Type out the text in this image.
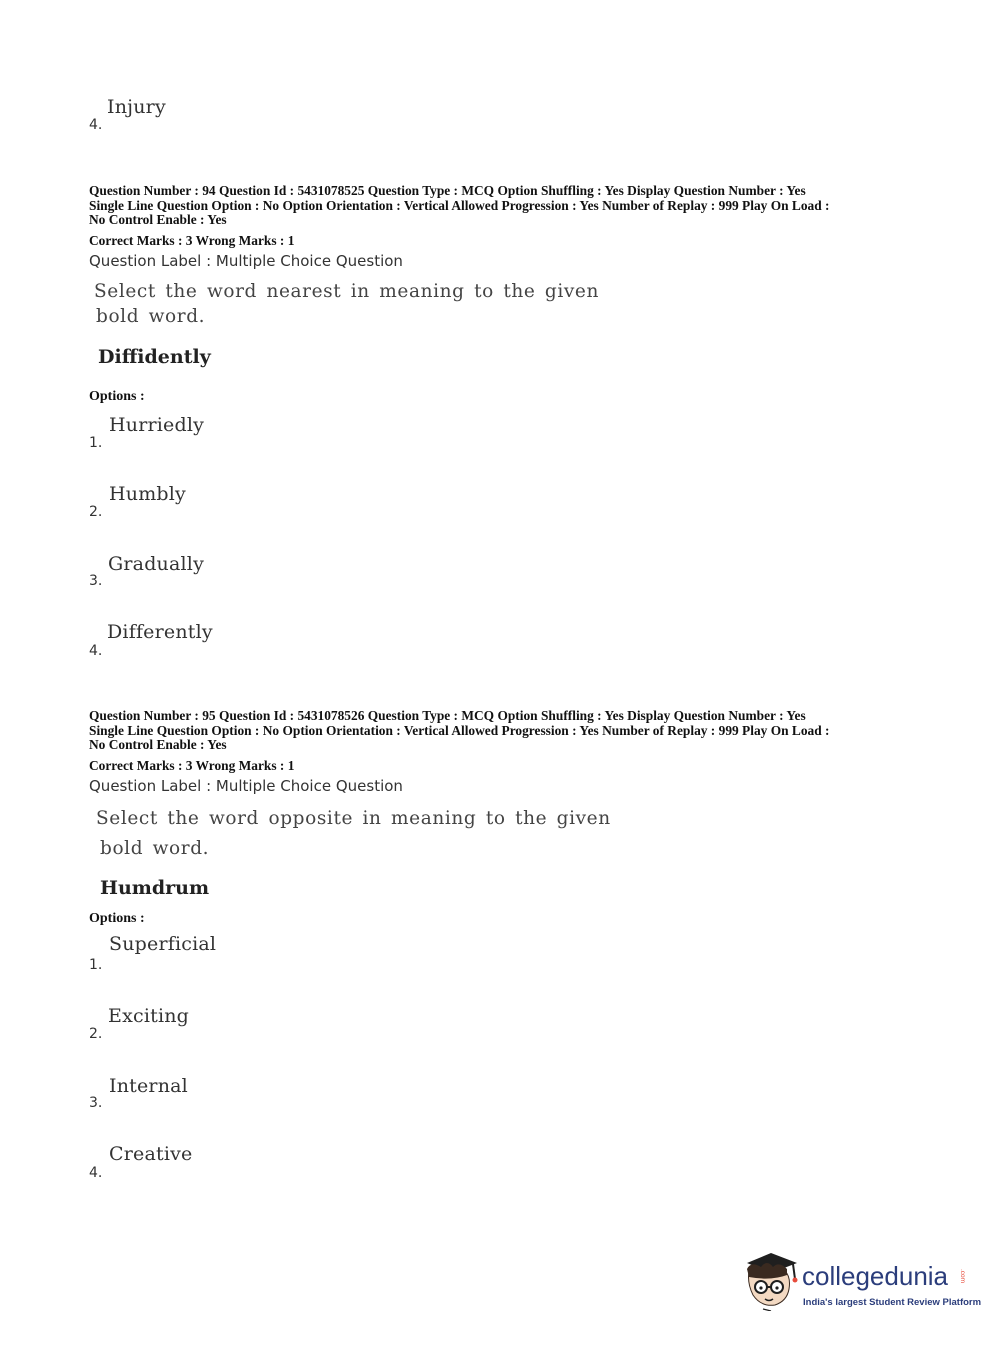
Injury
4.
Question Number : 94 Question Id : 5431078525 Question Type : MCQ Option Shuffling : Yes Display Question Number : Yes
Single Line Question Option : No Option Orientation : Vertical Allowed Progression : Yes Number of Replay : 999 Play On Load :
No Control Enable : Yes
Correct Marks : 3 Wrong Marks : 1
Question Label : Multiple Choice Question
Select the word nearest in meaning to the given
bold word.
Diffidently
Options :
Hurriedly
1.
Humbly
2.
Gradually
3.
Differently
4.
Question Number : 95 Question Id : 5431078526 Question Type : MCQ Option Shuffling : Yes Display Question Number : Yes
Single Line Question Option : No Option Orientation : Vertical Allowed Progression : Yes Number of Replay : 999 Play On Load :
No Control Enable : Yes
Correct Marks : 3 Wrong Marks : 1
Question Label : Multiple Choice Question
Select the word opposite in meaning to the given
bold word.
Humdrum
Options :
Superficial
1.
Exciting
2.
Internal
3.
Creative
4.
collegedunia .com
India's largest Student Review Platform
